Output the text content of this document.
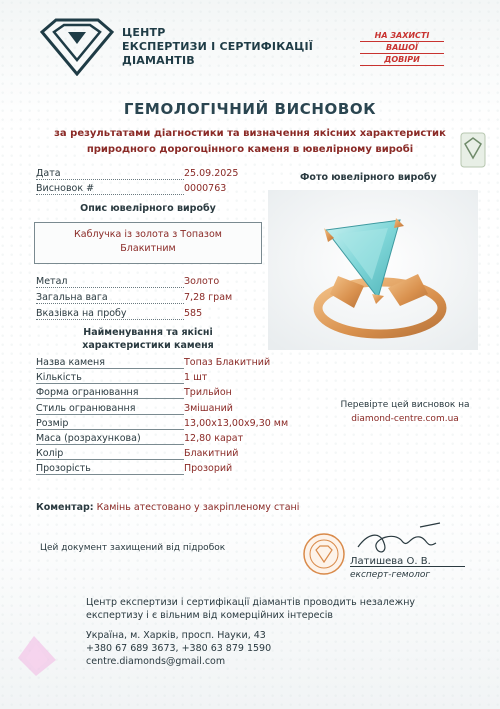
ЦЕНТР
ЕКСПЕРТИЗИ І СЕРТИФІКАЦІЇ
ДІАМАНТІВ
НА ЗАХИСТІ
ВАШОЇ
ДОВІРИ
ГЕМОЛОГІЧНИЙ ВИСНОВОК
за результатами діагностики та визначення якісних характеристик
природного дорогоцінного каменя в ювелірному виробі
Дата	25.09.2025
Висновок #	0000763
Опис ювелірного виробу
Каблучка із золота з Топазом
Блакитним
Метал	Золото
Загальна вага	7,28 грам
Вказівка на пробу	585
Найменування та якісні
характеристики каменя
Назва каменя	Топаз Блакитний
Кількість	1 шт
Форма огранювання	Трильйон
Стиль огранювання	Змішаний
Розмір	13,00x13,00x9,30 мм
Маса (розрахункова)	12,80 карат
Колір	Блакитний
Прозорість	Прозорий
Фото ювелірного виробу
Перевірте цей висновок на
diamond-centre.com.ua
Коментар: Камінь атестовано у закріпленому стані
Цей документ захищений від підробок
Латишева О. В.
експерт-гемолог
Центр експертизи і сертифікації діамантів проводить незалежну
експертизу і є вільним від комерційних інтересів
Україна, м. Харків, просп. Науки, 43
+380 67 689 3673, +380 63 879 1590
centre.diamonds@gmail.com
